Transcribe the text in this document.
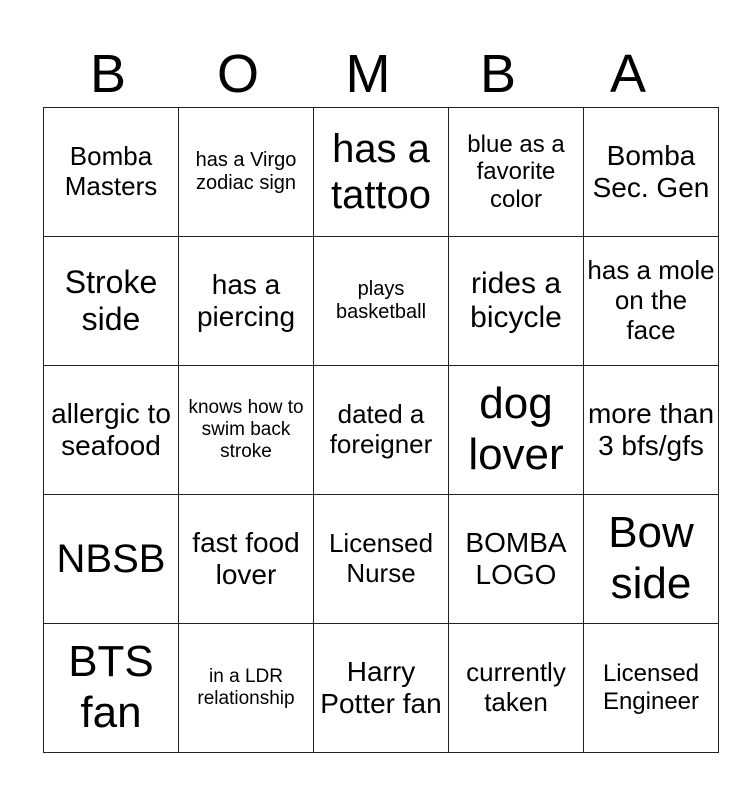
B	O	M	B	A
Bomba Masters	has a Virgo zodiac sign	has a tattoo	blue as a favorite color	Bomba Sec. Gen
Stroke side	has a piercing	plays basketball	rides a bicycle	has a mole on the face
allergic to seafood	knows how to swim back stroke	dated a foreigner	dog lover	more than 3 bfs/gfs
NBSB	fast food lover	Licensed Nurse	BOMBA LOGO	Bow side
BTS fan	in a LDR relationship	Harry Potter fan	currently taken	Licensed Engineer
